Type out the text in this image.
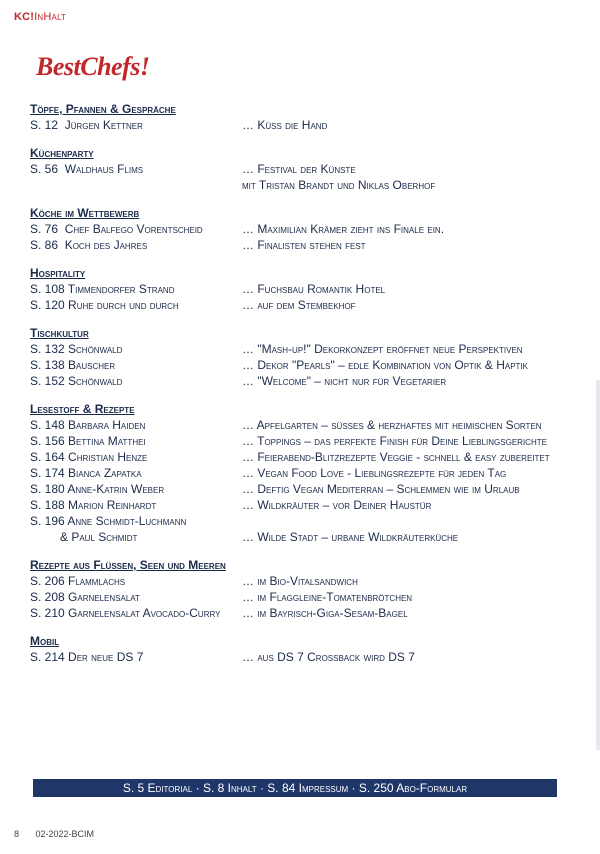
KC!InHalt
BestChefs!
Töpfe, Pfannen & Gespräche
S. 12  Jürgen Kettner	… Küss die Hand
Küchenparty
S. 56  Waldhaus Flims	… Festival der Künste
mit Tristan Brandt und Niklas Oberhof
Köche im Wettbewerb
S. 76  Chef Balfego Vorentscheid	… Maximilian Krämer zieht ins Finale ein.
S. 86  Koch des Jahres	… Finalisten stehen fest
Hospitality
S. 108 Timmendorfer Strand	… Fuchsbau Romantik Hotel
S. 120 Ruhe durch und durch	… auf dem Stembekhof
Tischkultur
S. 132 Schönwald	… "Mash-up!" Dekorkonzept eröffnet neue Perspektiven
S. 138 Bauscher	… Dekor "Pearls" – edle Kombination von Optik & Haptik
S. 152 Schönwald	… "Welcome" – nicht nur für Vegetarier
Lesestoff & Rezepte
S. 148 Barbara Haiden	… Apfelgarten – süsses & herzhaftes mit heimischen Sorten
S. 156 Bettina Matthei	… Toppings – das perfekte Finish für Deine Lieblingsgerichte
S. 164 Christian Henze	… Feierabend-Blitzrezepte Veggie - schnell & easy zubereitet
S. 174 Bianca Zapatka	… Vegan Food Love - Lieblingsrezepte für jeden Tag
S. 180 Anne-Katrin Weber	… Deftig Vegan Mediterran – Schlemmen wie im Urlaub
S. 188 Marion Reinhardt	… Wildkräuter – vor Deiner Haustür
S. 196 Anne Schmidt-Luchmann
& Paul Schmidt	… Wilde Stadt – urbane Wildkräuterküche
Rezepte aus Flüssen, Seen und Meeren
S. 206 Flammlachs	… im Bio-Vitalsandwich
S. 208 Garnelensalat	… im Flaggleine-Tomatenbrötchen
S. 210 Garnelensalat Avocado-Curry	… im Bayrisch-Giga-Sesam-Bagel
Mobil
S. 214 Der neue DS 7	… aus DS 7 Crossback wird DS 7
S. 5 Editorial · S. 8 Inhalt · S. 84 Impressum · S. 250 Abo-Formular
8 02-2022-BCIM
